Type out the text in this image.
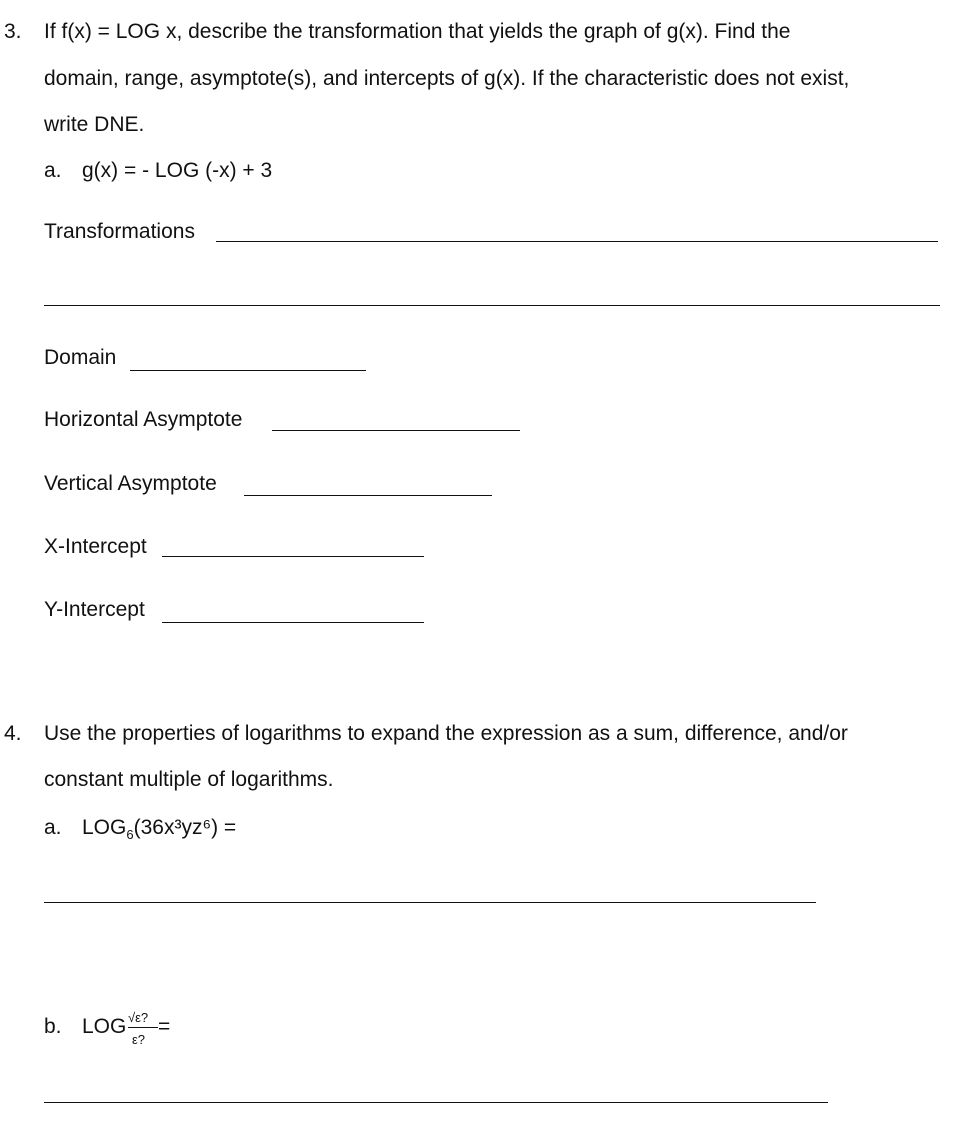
3. If f(x) = LOG x, describe the transformation that yields the graph of g(x). Find the
domain, range, asymptote(s), and intercepts of g(x). If the characteristic does not exist,
write DNE.
a. g(x) = - LOG (-x) + 3
Transformations
Domain
Horizontal Asymptote
Vertical Asymptote
X-Intercept
Y-Intercept
4. Use the properties of logarithms to expand the expression as a sum, difference, and/or
constant multiple of logarithms.
a. $LOG_6(36x^3yz^6)$ =
b. LOG √ε?
ε?
=
